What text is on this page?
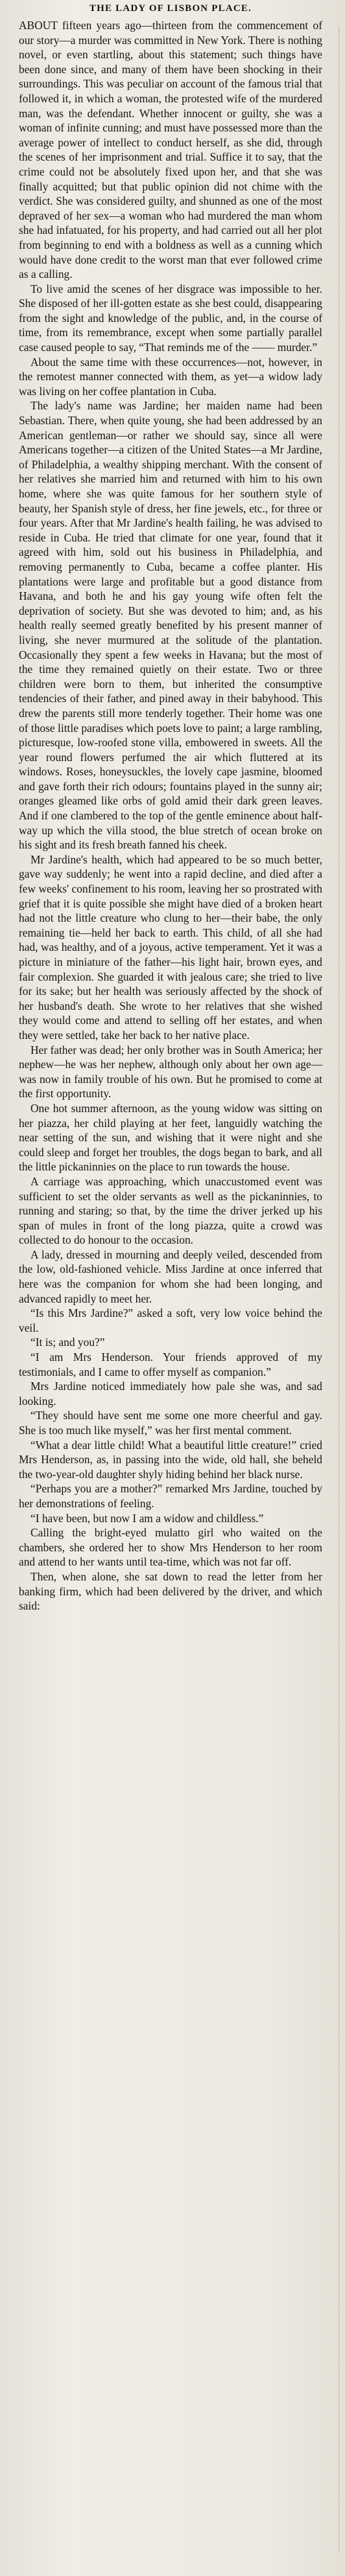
THE LADY OF LISBON PLACE.

ABOUT fifteen years ago—thirteen from the commencement of our story—a murder was committed in New York. There is nothing novel, or even startling, about this statement; such things have been done since, and many of them have been shocking in their surroundings. This was peculiar on account of the famous trial that followed it, in which a woman, the protested wife of the murdered man, was the defendant. Whether innocent or guilty, she was a woman of infinite cunning; and must have possessed more than the average power of intellect to conduct herself, as she did, through the scenes of her imprisonment and trial. Suffice it to say, that the crime could not be absolutely fixed upon her, and that she was finally acquitted; but that public opinion did not chime with the verdict. She was considered guilty, and shunned as one of the most depraved of her sex—a woman who had murdered the man whom she had infatuated, for his property, and had carried out all her plot from beginning to end with a boldness as well as a cunning which would have done credit to the worst man that ever followed crime as a calling.

To live amid the scenes of her disgrace was impossible to her. She disposed of her ill-gotten estate as she best could, disappearing from the sight and knowledge of the public, and, in the course of time, from its remembrance, except when some partially parallel case caused people to say, “That reminds me of the —— murder.”

About the same time with these occurrences—not, however, in the remotest manner connected with them, as yet—a widow lady was living on her coffee plantation in Cuba.

The lady's name was Jardine; her maiden name had been Sebastian. There, when quite young, she had been addressed by an American gentleman—or rather we should say, since all were Americans together—a citizen of the United States—a Mr Jardine, of Philadelphia, a wealthy shipping merchant. With the consent of her relatives she married him and returned with him to his own home, where she was quite famous for her southern style of beauty, her Spanish style of dress, her fine jewels, etc., for three or four years. After that Mr Jardine's health failing, he was advised to reside in Cuba. He tried that climate for one year, found that it agreed with him, sold out his business in Philadelphia, and removing permanently to Cuba, became a coffee planter. His plantations were large and profitable but a good distance from Havana, and both he and his gay young wife often felt the deprivation of society. But she was devoted to him; and, as his health really seemed greatly benefited by his present manner of living, she never murmured at the solitude of the plantation. Occasionally they spent a few weeks in Havana; but the most of the time they remained quietly on their estate. Two or three children were born to them, but inherited the consumptive tendencies of their father, and pined away in their babyhood. This drew the parents still more tenderly together. Their home was one of those little paradises which poets love to paint; a large rambling, picturesque, low-roofed stone villa, embowered in sweets. All the year round flowers perfumed the air which fluttered at its windows. Roses, honeysuckles, the lovely cape jasmine, bloomed and gave forth their rich odours; fountains played in the sunny air; oranges gleamed like orbs of gold amid their dark green leaves. And if one clambered to the top of the gentle eminence about half-way up which the villa stood, the blue stretch of ocean broke on his sight and its fresh breath fanned his cheek.

Mr Jardine's health, which had appeared to be so much better, gave way suddenly; he went into a rapid decline, and died after a few weeks' confinement to his room, leaving her so prostrated with grief that it is quite possible she might have died of a broken heart had not the little creature who clung to her—their babe, the only remaining tie—held her back to earth. This child, of all she had had, was healthy, and of a joyous, active temperament. Yet it was a picture in miniature of the father—his light hair, brown eyes, and fair complexion. She guarded it with jealous care; she tried to live for its sake; but her health was seriously affected by the shock of her husband's death. She wrote to her relatives that she wished they would come and attend to selling off her estates, and when they were settled, take her back to her native place.

Her father was dead; her only brother was in South America; her nephew—he was her nephew, although only about her own age—was now in family trouble of his own. But he promised to come at the first opportunity.

One hot summer afternoon, as the young widow was sitting on her piazza, her child playing at her feet, languidly watching the near setting of the sun, and wishing that it were night and she could sleep and forget her troubles, the dogs began to bark, and all the little pickaninnies on the place to run towards the house.

A carriage was approaching, which unaccustomed event was sufficient to set the older servants as well as the pickaninnies, to running and staring; so that, by the time the driver jerked up his span of mules in front of the long piazza, quite a crowd was collected to do honour to the occasion.

A lady, dressed in mourning and deeply veiled, descended from the low, old-fashioned vehicle. Miss Jardine at once inferred that here was the companion for whom she had been longing, and advanced rapidly to meet her.

“Is this Mrs Jardine?” asked a soft, very low voice behind the veil.

“It is; and you?”

“I am Mrs Henderson. Your friends approved of my testimonials, and I came to offer myself as companion.”

Mrs Jardine noticed immediately how pale she was, and sad looking.

“They should have sent me some one more cheerful and gay. She is too much like myself,” was her first mental comment.

“What a dear little child! What a beautiful little creature!” cried Mrs Henderson, as, in passing into the wide, old hall, she beheld the two-year-old daughter shyly hiding behind her black nurse.

“Perhaps you are a mother?” remarked Mrs Jardine, touched by her demonstrations of feeling.

“I have been, but now I am a widow and childless.”

Calling the bright-eyed mulatto girl who waited on the chambers, she ordered her to show Mrs Henderson to her room and attend to her wants until tea-time, which was not far off.

Then, when alone, she sat down to read the letter from her banking firm, which had been delivered by the driver, and which said:
